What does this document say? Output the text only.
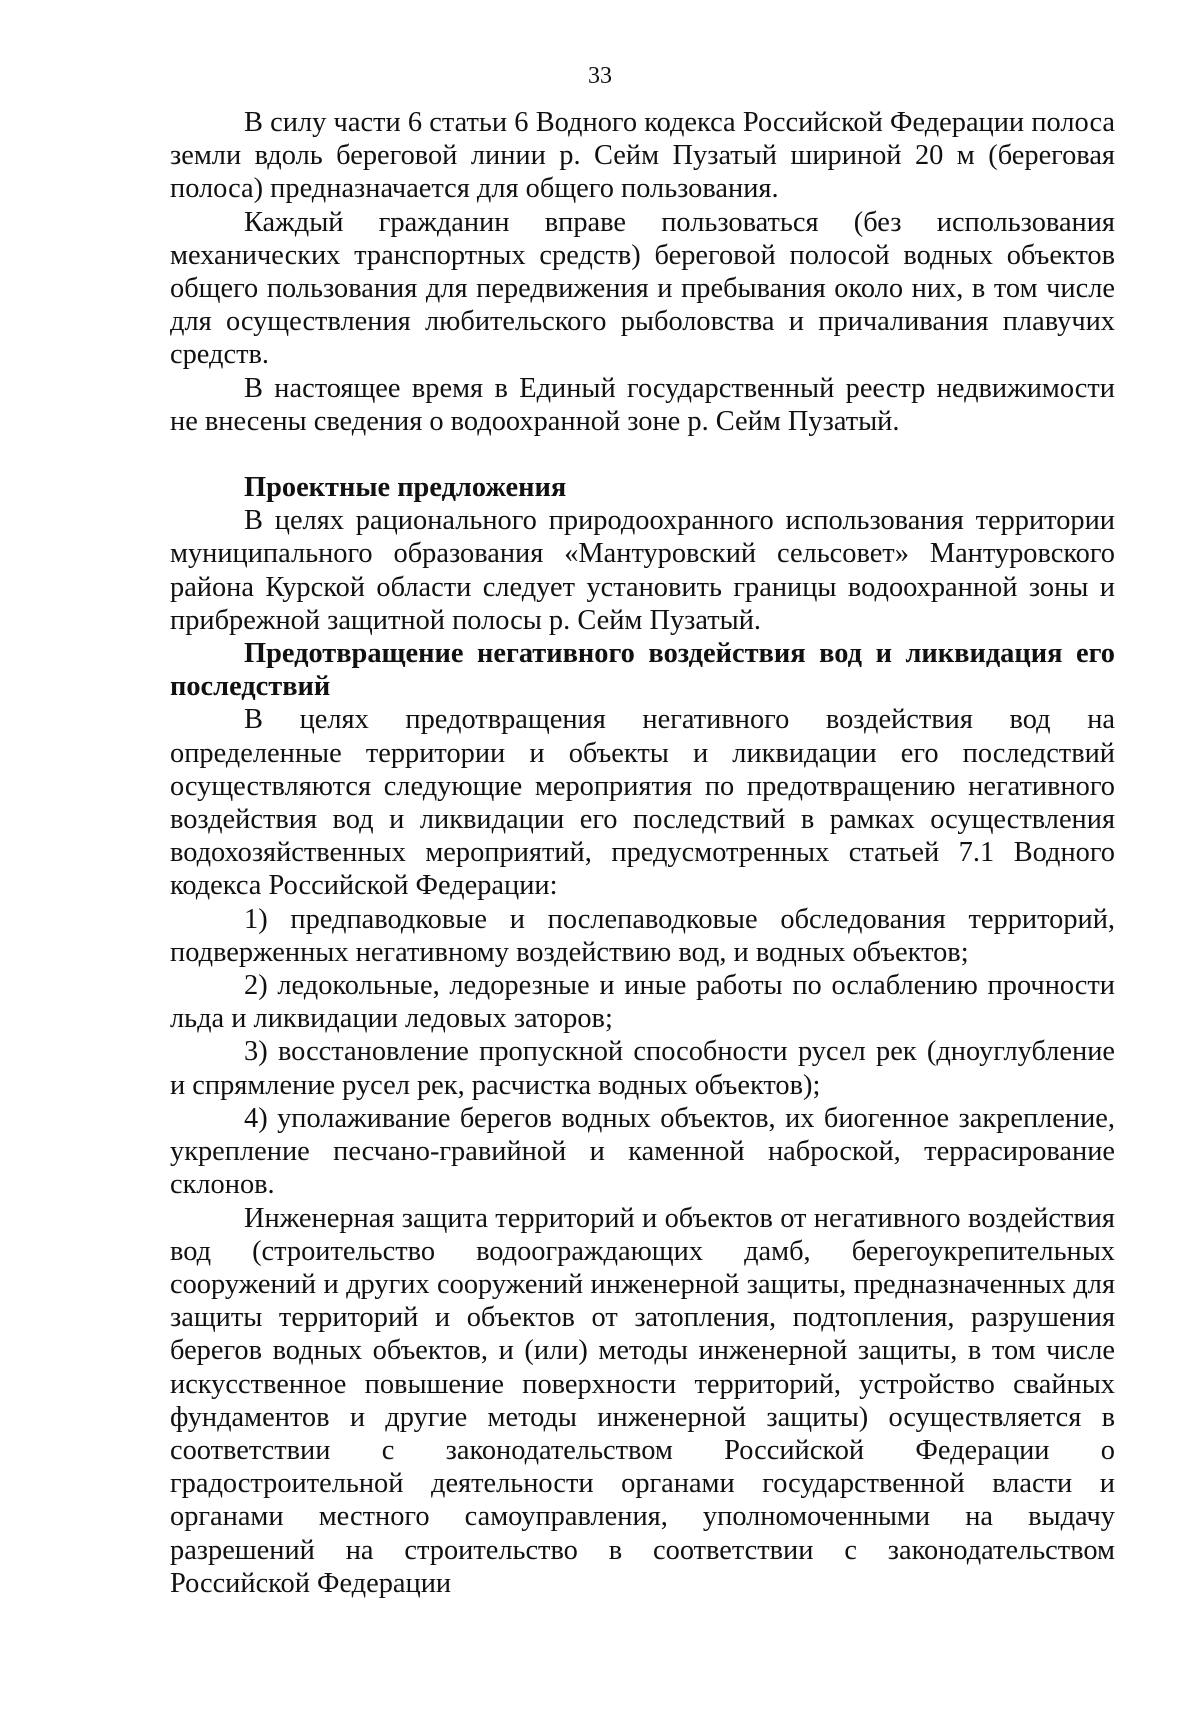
33

В силу части 6 статьи 6 Водного кодекса Российской Федерации полоса земли вдоль береговой линии р. Сейм Пузатый шириной 20 м (береговая полоса) предназначается для общего пользования.

Каждый гражданин вправе пользоваться (без использования механических транспортных средств) береговой полосой водных объектов общего пользования для передвижения и пребывания около них, в том числе для осуществления любительского рыболовства и причаливания плавучих средств.

В настоящее время в Единый государственный реестр недвижимости не внесены сведения о водоохранной зоне р. Сейм Пузатый.

Проектные предложения

В целях рационального природоохранного использования территории муниципального образования «Мантуровский сельсовет» Мантуровского района Курской области следует установить границы водоохранной зоны и прибрежной защитной полосы р. Сейм Пузатый.

Предотвращение негативного воздействия вод и ликвидация его последствий

В целях предотвращения негативного воздействия вод на определенные территории и объекты и ликвидации его последствий осуществляются следующие мероприятия по предотвращению негативного воздействия вод и ликвидации его последствий в рамках осуществления водохозяйственных мероприятий, предусмотренных статьей 7.1 Водного кодекса Российской Федерации:

1) предпаводковые и послепаводковые обследования территорий, подверженных негативному воздействию вод, и водных объектов;

2) ледокольные, ледорезные и иные работы по ослаблению прочности льда и ликвидации ледовых заторов;

3) восстановление пропускной способности русел рек (дноуглубление и спрямление русел рек, расчистка водных объектов);

4) уполаживание берегов водных объектов, их биогенное закрепление, укрепление песчано-гравийной и каменной наброской, террасирование склонов.

Инженерная защита территорий и объектов от негативного воздействия вод (строительство водоограждающих дамб, берегоукрепительных сооружений и других сооружений инженерной защиты, предназначенных для защиты территорий и объектов от затопления, подтопления, разрушения берегов водных объектов, и (или) методы инженерной защиты, в том числе искусственное повышение поверхности территорий, устройство свайных фундаментов и другие методы инженерной защиты) осуществляется в соответствии с законодательством Российской Федерации о градостроительной деятельности органами государственной власти и органами местного самоуправления, уполномоченными на выдачу разрешений на строительство в соответствии с законодательством Российской Федерации
